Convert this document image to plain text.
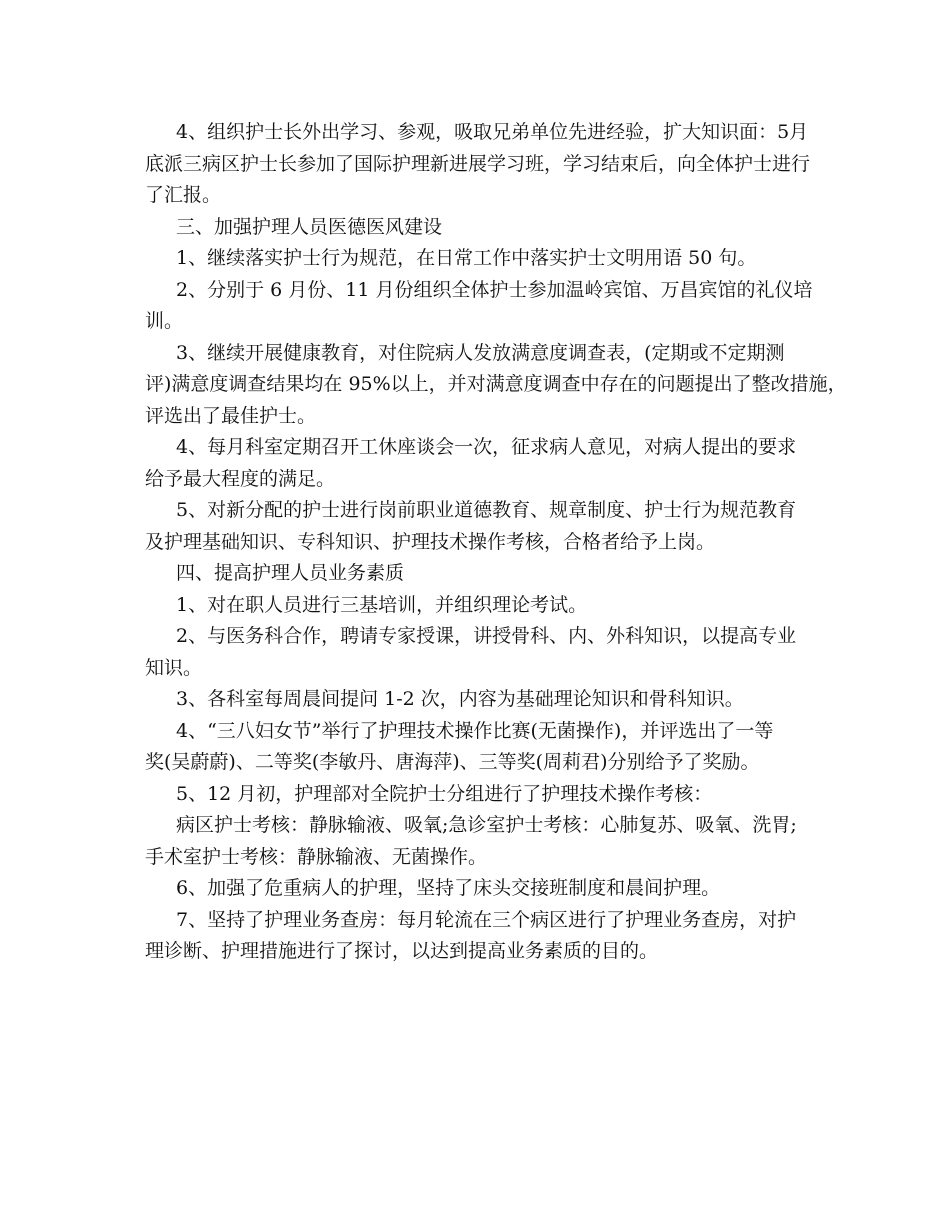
4、组织护士长外出学习、参观，吸取兄弟单位先进经验，扩大知识面：5月
底派三病区护士长参加了国际护理新进展学习班，学习结束后，向全体护士进行
了汇报。
三、加强护理人员医德医风建设
1、继续落实护士行为规范，在日常工作中落实护士文明用语 50 句。
2、分别于 6 月份、11 月份组织全体护士参加温岭宾馆、万昌宾馆的礼仪培
训。
3、继续开展健康教育，对住院病人发放满意度调查表，(定期或不定期测
评)满意度调查结果均在 95%以上，并对满意度调查中存在的问题提出了整改措施，
评选出了最佳护士。
4、每月科室定期召开工休座谈会一次，征求病人意见，对病人提出的要求
给予最大程度的满足。
5、对新分配的护士进行岗前职业道德教育、规章制度、护士行为规范教育
及护理基础知识、专科知识、护理技术操作考核，合格者给予上岗。
四、提高护理人员业务素质
1、对在职人员进行三基培训，并组织理论考试。
2、与医务科合作，聘请专家授课，讲授骨科、内、外科知识，以提高专业
知识。
3、各科室每周晨间提问 1-2 次，内容为基础理论知识和骨科知识。
4、“三八妇女节”举行了护理技术操作比赛(无菌操作)，并评选出了一等
奖(吴蔚蔚)、二等奖(李敏丹、唐海萍)、三等奖(周莉君)分别给予了奖励。
5、12 月初，护理部对全院护士分组进行了护理技术操作考核：
病区护士考核：静脉输液、吸氧;急诊室护士考核：心肺复苏、吸氧、洗胃;
手术室护士考核：静脉输液、无菌操作。
6、加强了危重病人的护理，坚持了床头交接班制度和晨间护理。
7、坚持了护理业务查房：每月轮流在三个病区进行了护理业务查房，对护
理诊断、护理措施进行了探讨，以达到提高业务素质的目的。
